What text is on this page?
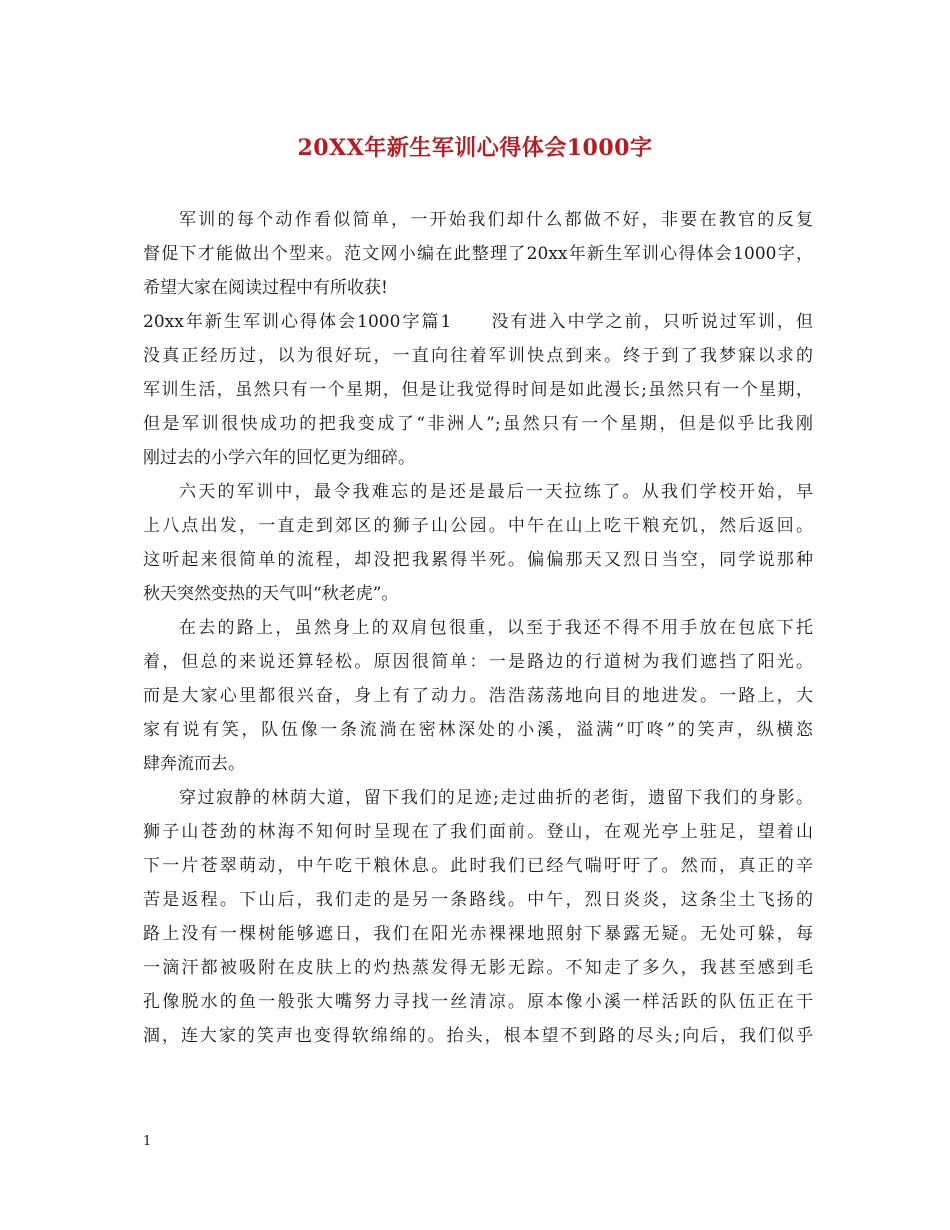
20XX年新生军训心得体会1000字
军训的每个动作看似简单，一开始我们却什么都做不好，非要在教官的反复
督促下才能做出个型来。范文网小编在此整理了20xx年新生军训心得体会1000字，
希望大家在阅读过程中有所收获!
20xx年新生军训心得体会1000字篇1　　没有进入中学之前，只听说过军训，但
没真正经历过，以为很好玩，一直向往着军训快点到来。终于到了我梦寐以求的
军训生活，虽然只有一个星期，但是让我觉得时间是如此漫长;虽然只有一个星期，
但是军训很快成功的把我变成了“非洲人”;虽然只有一个星期，但是似乎比我刚
刚过去的小学六年的回忆更为细碎。
六天的军训中，最令我难忘的是还是最后一天拉练了。从我们学校开始，早
上八点出发，一直走到郊区的狮子山公园。中午在山上吃干粮充饥，然后返回。
这听起来很简单的流程，却没把我累得半死。偏偏那天又烈日当空，同学说那种
秋天突然变热的天气叫“秋老虎”。
在去的路上，虽然身上的双肩包很重，以至于我还不得不用手放在包底下托
着，但总的来说还算轻松。原因很简单：一是路边的行道树为我们遮挡了阳光。
而是大家心里都很兴奋，身上有了动力。浩浩荡荡地向目的地进发。一路上，大
家有说有笑，队伍像一条流淌在密林深处的小溪，溢满“叮咚”的笑声，纵横恣
肆奔流而去。
穿过寂静的林荫大道，留下我们的足迹;走过曲折的老街，遗留下我们的身影。
狮子山苍劲的林海不知何时呈现在了我们面前。登山，在观光亭上驻足，望着山
下一片苍翠萌动，中午吃干粮休息。此时我们已经气喘吁吁了。然而，真正的辛
苦是返程。下山后，我们走的是另一条路线。中午，烈日炎炎，这条尘土飞扬的
路上没有一棵树能够遮日，我们在阳光赤裸裸地照射下暴露无疑。无处可躲，每
一滴汗都被吸附在皮肤上的灼热蒸发得无影无踪。不知走了多久，我甚至感到毛
孔像脱水的鱼一般张大嘴努力寻找一丝清凉。原本像小溪一样活跃的队伍正在干
涸，连大家的笑声也变得软绵绵的。抬头，根本望不到路的尽头;向后，我们似乎
1
